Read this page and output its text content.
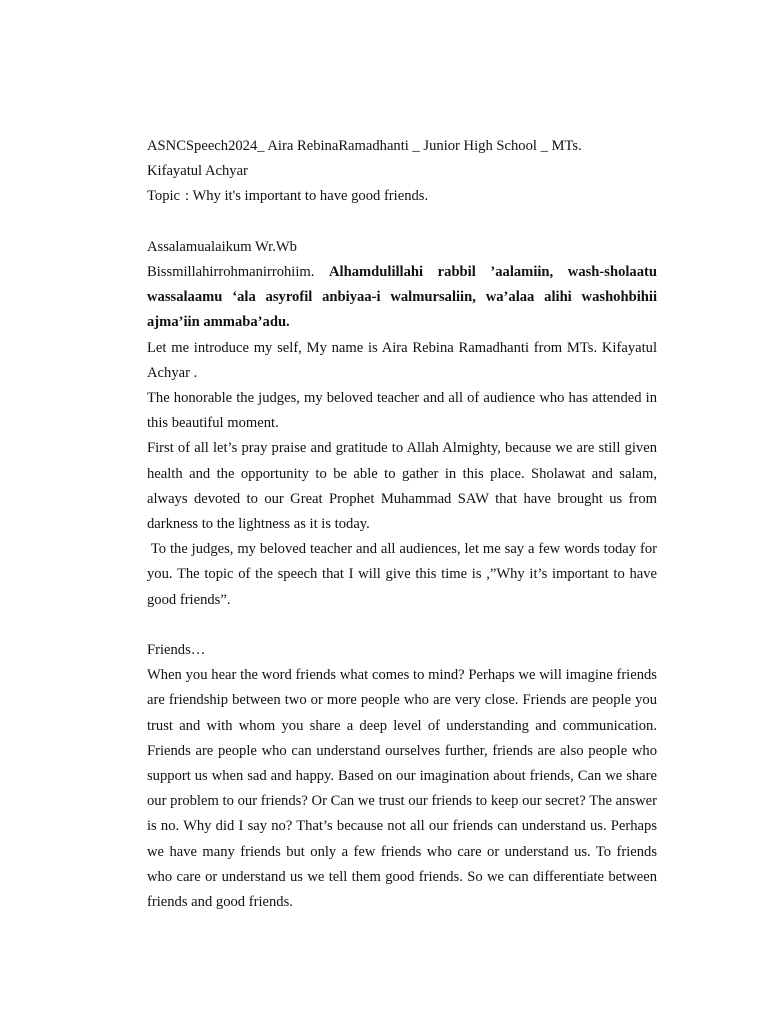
ASNCSpeech2024_ Aira RebinaRamadhanti _ Junior High School _ MTs.

Kifayatul Achyar

Topic : Why it's important to have good friends.

Assalamualaikum Wr.Wb

Bissmillahirrohmanirrohiim. Alhamdulillahi rabbil ’aalamiin, wash-sholaatu wassalaamu ‘ala asyrofil anbiyaa-i walmursaliin, wa’alaa alihi washohbihii ajma’iin ammaba’adu.

Let me introduce my self, My name is Aira Rebina Ramadhanti from MTs. Kifayatul Achyar .

The honorable the judges, my beloved teacher and all of audience who has attended in this beautiful moment.

First of all let’s pray praise and gratitude to Allah Almighty, because we are still given health and the opportunity to be able to gather in this place. Sholawat and salam, always devoted to our Great Prophet Muhammad SAW that have brought us from darkness to the lightness as it is today.

To the judges, my beloved teacher and all audiences, let me say a few words today for you. The topic of the speech that I will give this time is ,”Why it’s important to have good friends”.

Friends…

When you hear the word friends what comes to mind? Perhaps we will imagine friends are friendship between two or more people who are very close. Friends are people you trust and with whom you share a deep level of understanding and communication. Friends are people who can understand ourselves further, friends are also people who support us when sad and happy. Based on our imagination about friends, Can we share our problem to our friends? Or Can we trust our friends to keep our secret? The answer is no. Why did I say no? That’s because not all our friends can understand us. Perhaps we have many friends but only a few friends who care or understand us. To friends who care or understand us we tell them good friends. So we can differentiate between friends and good friends.
